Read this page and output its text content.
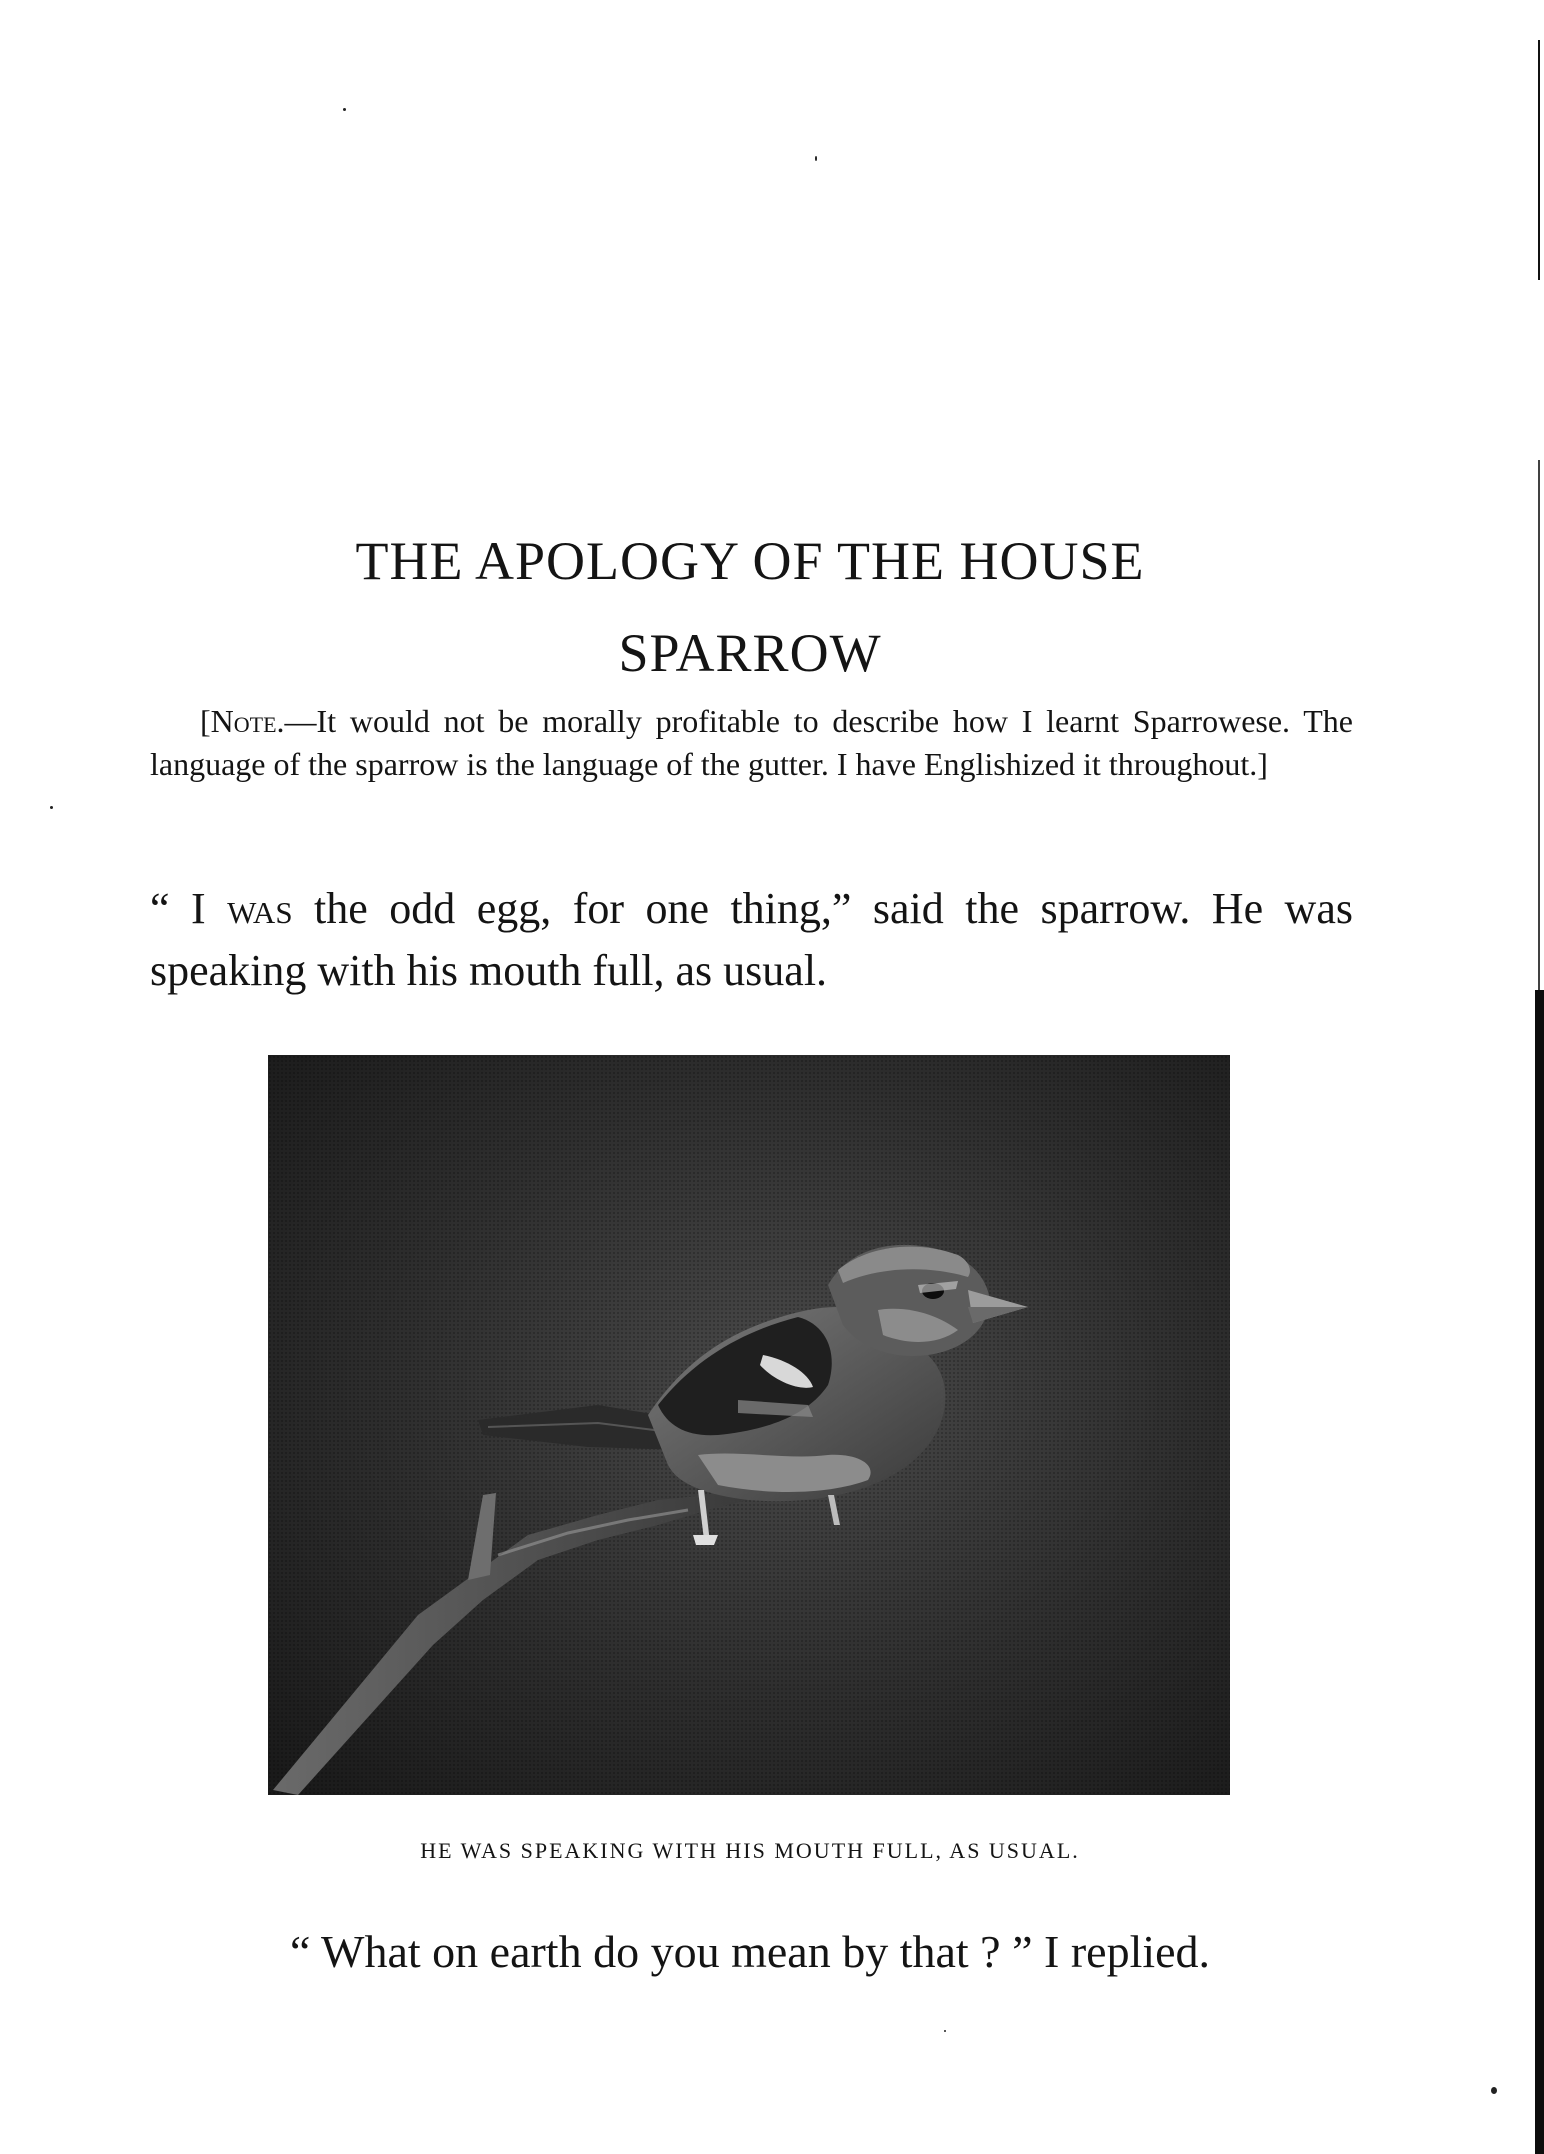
THE APOLOGY OF THE HOUSE
SPARROW

[Note.—It would not be morally profitable to describe how I learnt Sparrowese. The language of the sparrow is the language of the gutter. I have Englishized it throughout.]

“ I was the odd egg, for one thing,” said the sparrow. He was speaking with his mouth full, as usual.

HE WAS SPEAKING WITH HIS MOUTH FULL, AS USUAL.

“ What on earth do you mean by that ? ” I replied.
